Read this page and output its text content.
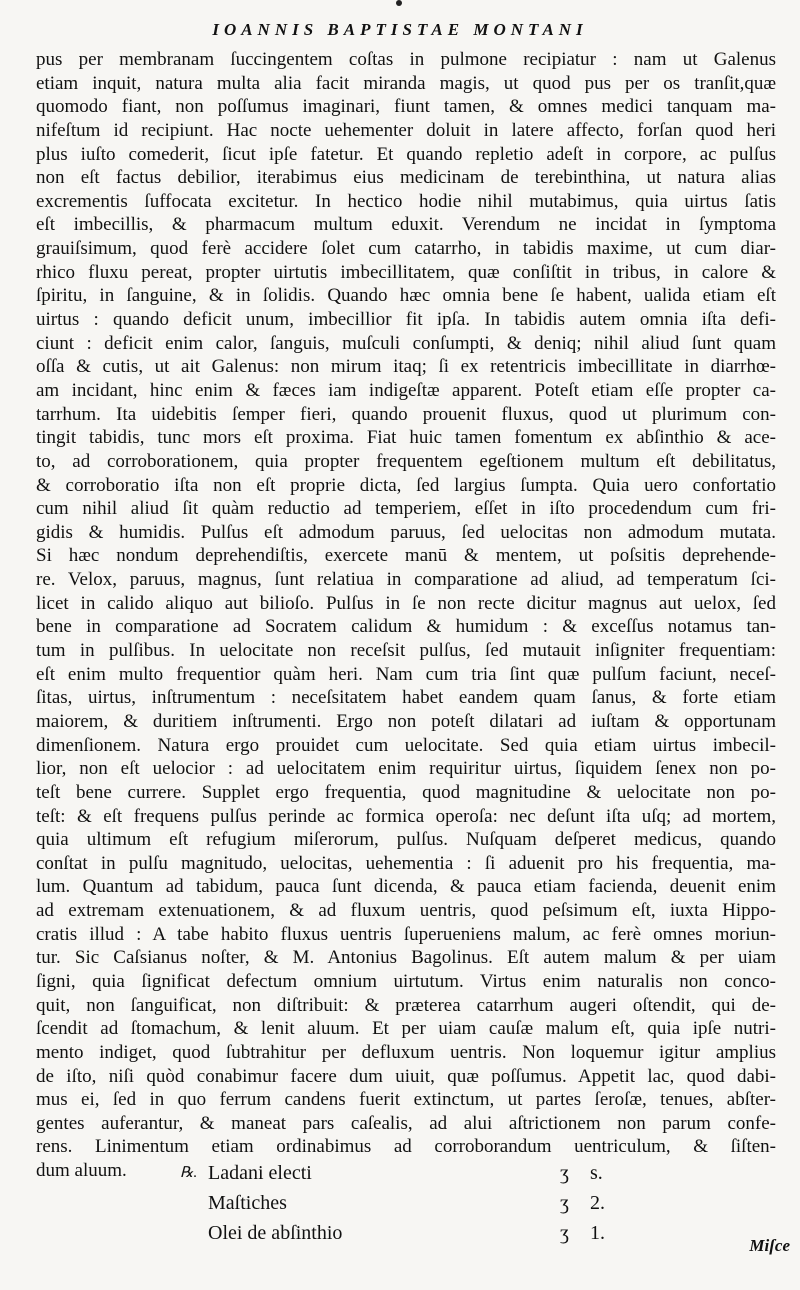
IOANNIS BAPTISTAE MONTANI
pus per membranam ſuccingentem coſtas in pulmone recipiatur : nam ut Galenus
etiam inquit, natura multa alia facit miranda magis, ut quod pus per os tranſit,quæ
quomodo fiant, non poſſumus imaginari, fiunt tamen, & omnes medici tanquam ma-
nifeſtum id recipiunt. Hac nocte uehementer doluit in latere affecto, forſan quod heri
plus iuſto comederit, ſicut ipſe fatetur. Et quando repletio adeſt in corpore, ac pulſus
non eſt factus debilior, iterabimus eius medicinam de terebinthina, ut natura alias
excrementis ſuffocata excitetur. In hectico hodie nihil mutabimus, quia uirtus ſatis
eſt imbecillis, & pharmacum multum eduxit. Verendum ne incidat in ſymptoma
grauiſsimum, quod ferè accidere ſolet cum catarrho, in tabidis maxime, ut cum diar-
rhico fluxu pereat, propter uirtutis imbecillitatem, quæ conſiſtit in tribus, in calore &
ſpiritu, in ſanguine, & in ſolidis. Quando hæc omnia bene ſe habent, ualida etiam eſt
uirtus : quando deficit unum, imbecillior fit ipſa. In tabidis autem omnia iſta defi-
ciunt : deficit enim calor, ſanguis, muſculi conſumpti, & deniq; nihil aliud ſunt quam
oſſa & cutis, ut ait Galenus: non mirum itaq; ſi ex retentricis imbecillitate in diarrhœ-
am incidant, hinc enim & fæces iam indigeſtæ apparent. Poteſt etiam eſſe propter ca-
tarrhum. Ita uidebitis ſemper fieri, quando prouenit fluxus, quod ut plurimum con-
tingit tabidis, tunc mors eſt proxima. Fiat huic tamen fomentum ex abſinthio & ace-
to, ad corroborationem, quia propter frequentem egeſtionem multum eſt debilitatus,
& corroboratio iſta non eſt proprie dicta, ſed largius ſumpta. Quia uero confortatio
cum nihil aliud ſit quàm reductio ad temperiem, eſſet in iſto procedendum cum fri-
gidis & humidis. Pulſus eſt admodum paruus, ſed uelocitas non admodum mutata.
Si hæc nondum deprehendiſtis, exercete manū & mentem, ut poſsitis deprehende-
re. Velox, paruus, magnus, ſunt relatiua in comparatione ad aliud, ad temperatum ſci-
licet in calido aliquo aut bilioſo. Pulſus in ſe non recte dicitur magnus aut uelox, ſed
bene in comparatione ad Socratem calidum & humidum : & exceſſus notamus tan-
tum in pulſibus. In uelocitate non receſsit pulſus, ſed mutauit inſigniter frequentiam:
eſt enim multo frequentior quàm heri. Nam cum tria ſint quæ pulſum faciunt, neceſ-
ſitas, uirtus, inſtrumentum : neceſsitatem habet eandem quam ſanus, & forte etiam
maiorem, & duritiem inſtrumenti. Ergo non poteſt dilatari ad iuſtam & opportunam
dimenſionem. Natura ergo prouidet cum uelocitate. Sed quia etiam uirtus imbecil-
lior, non eſt uelocior : ad uelocitatem enim requiritur uirtus, ſiquidem ſenex non po-
teſt bene currere. Supplet ergo frequentia, quod magnitudine & uelocitate non po-
teſt: & eſt frequens pulſus perinde ac formica operoſa: nec deſunt iſta uſq; ad mortem,
quia ultimum eſt refugium miſerorum, pulſus. Nuſquam deſperet medicus, quando
conſtat in pulſu magnitudo, uelocitas, uehementia : ſi aduenit pro his frequentia, ma-
lum. Quantum ad tabidum, pauca ſunt dicenda, & pauca etiam facienda, deuenit enim
ad extremam extenuationem, & ad fluxum uentris, quod peſsimum eſt, iuxta Hippo-
cratis illud : A tabe habito fluxus uentris ſuperueniens malum, ac ferè omnes moriun-
tur. Sic Caſsianus noſter, & M. Antonius Bagolinus. Eſt autem malum & per uiam
ſigni, quia ſignificat defectum omnium uirtutum. Virtus enim naturalis non conco-
quit, non ſanguificat, non diſtribuit: & præterea catarrhum augeri oſtendit, qui de-
ſcendit ad ſtomachum, & lenit aluum. Et per uiam cauſæ malum eſt, quia ipſe nutri-
mento indiget, quod ſubtrahitur per defluxum uentris. Non loquemur igitur amplius
de iſto, niſi quòd conabimur facere dum uiuit, quæ poſſumus. Appetit lac, quod dabi-
mus ei, ſed in quo ferrum candens fuerit extinctum, ut partes ſeroſæ, tenues, abſter-
gentes auferantur, & maneat pars caſealis, ad alui aſtrictionem non parum confe-
rens. Linimentum etiam ordinabimus ad corroborandum uentriculum, & ſiſten-
dum aluum.	℞. Ladani electi	ʒ	s.
Maſtiches	ʒ	2.
Olei de abſinthio	ʒ	1.
Miſce
